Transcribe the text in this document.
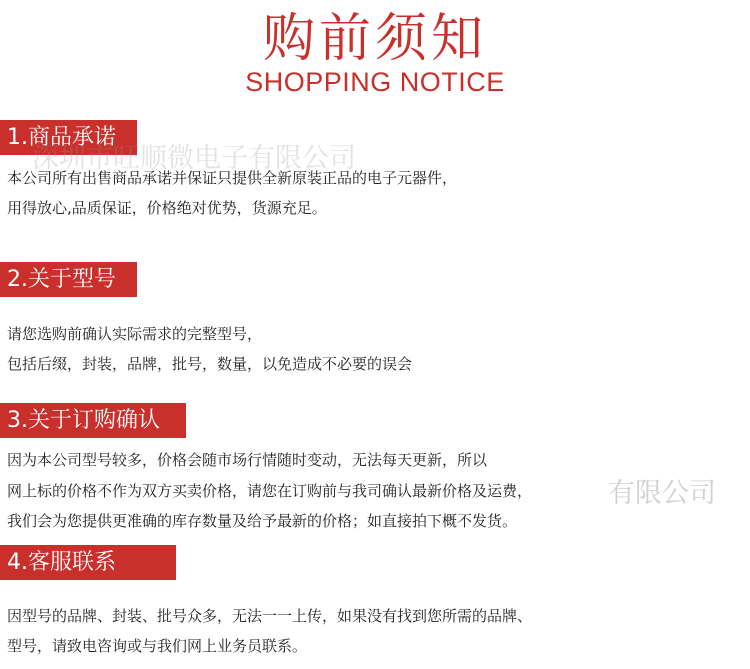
购前须知
SHOPPING NOTICE
1.商品承诺
本公司所有出售商品承诺并保证只提供全新原装正品的电子元器件，
用得放心,品质保证，价格绝对优势，货源充足。
深圳市旺顺微电子有限公司
2.关于型号
请您选购前确认实际需求的完整型号，
包括后缀，封装，品牌，批号，数量，以免造成不必要的误会
3.关于订购确认
因为本公司型号较多，价格会随市场行情随时变动，无法每天更新，所以
网上标的价格不作为双方买卖价格，请您在订购前与我司确认最新价格及运费，
我们会为您提供更准确的库存数量及给予最新的价格；如直接拍下概不发货。
有限公司
4.客服联系
因型号的品牌、封装、批号众多，无法一一上传，如果没有找到您所需的品牌、
型号，请致电咨询或与我们网上业务员联系。
